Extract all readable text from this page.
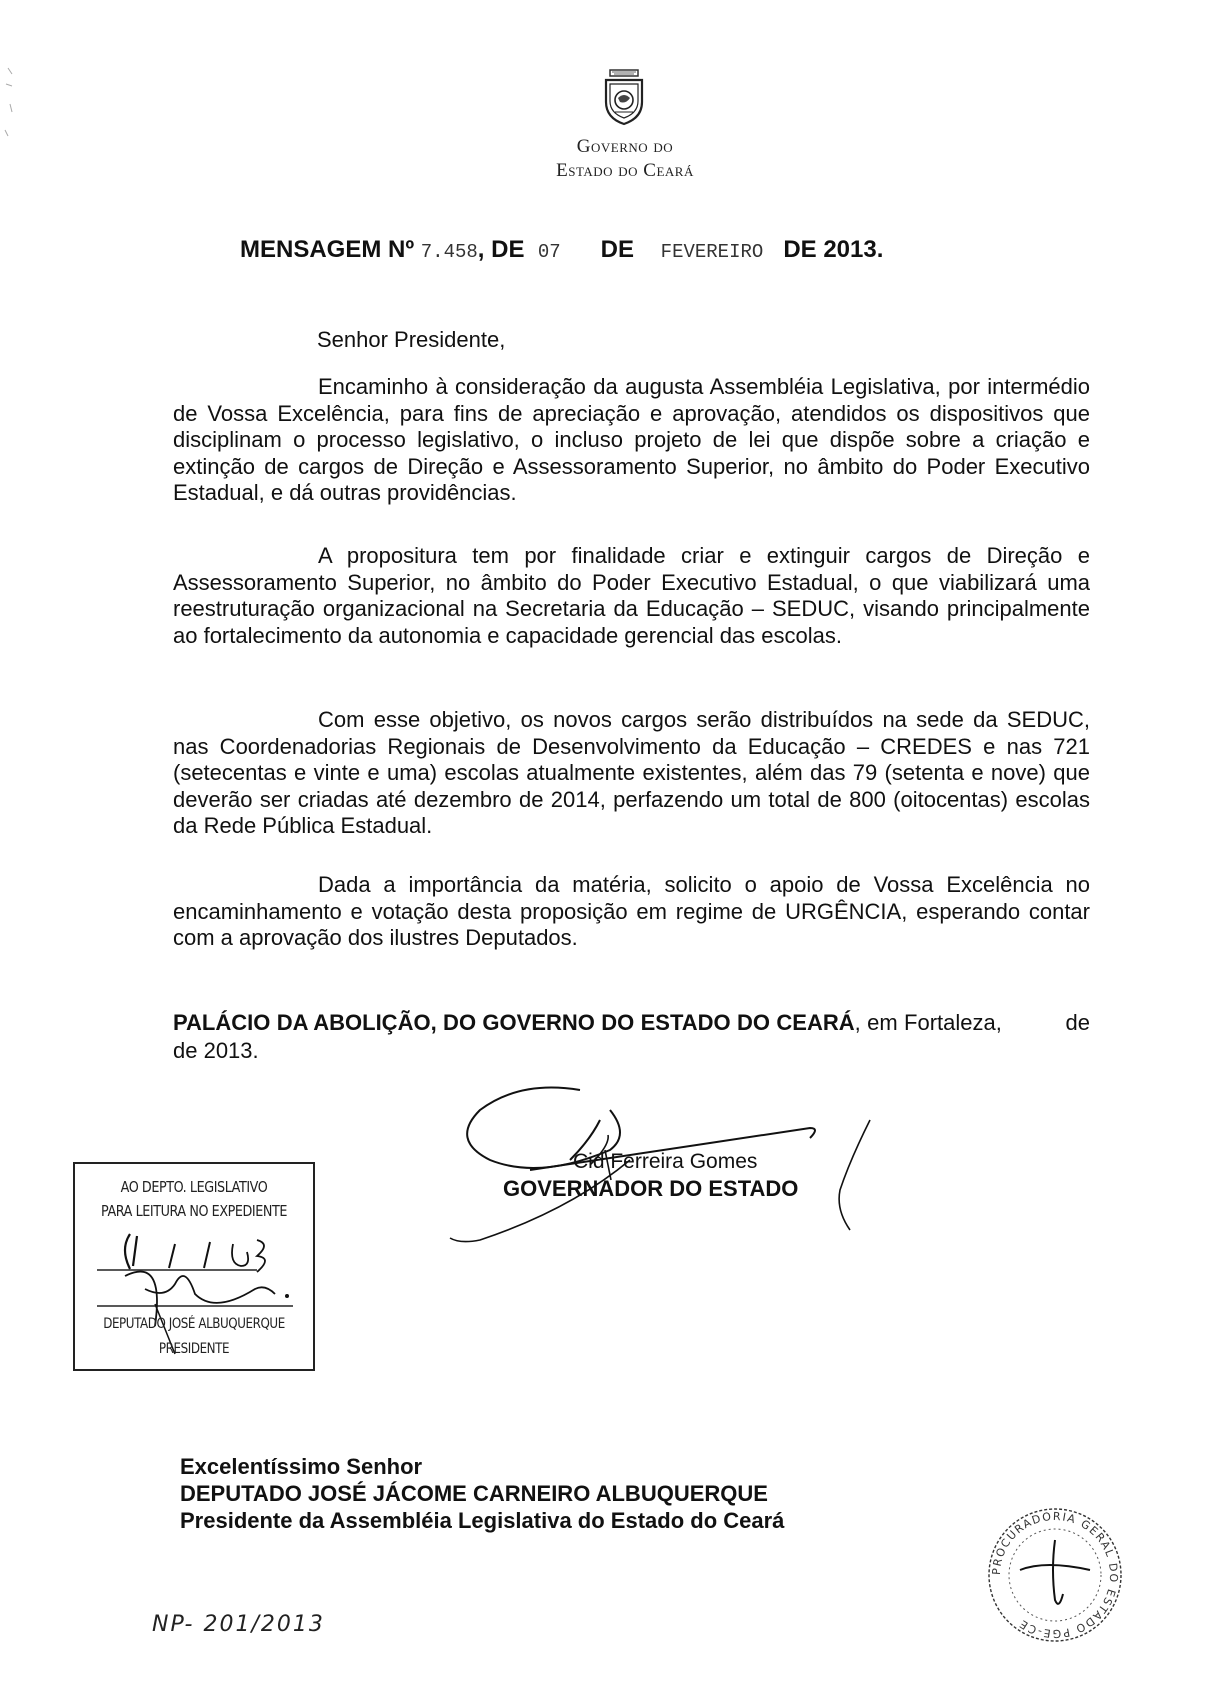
Governo do
Estado do Ceará
MENSAGEM Nº 7.458, DE 07 DE FEVEREIRO DE 2013.
Senhor Presidente,
Encaminho à consideração da augusta Assembléia Legislativa, por intermédio de Vossa Excelência, para fins de apreciação e aprovação, atendidos os dispositivos que disciplinam o processo legislativo, o incluso projeto de lei que dispõe sobre a criação e extinção de cargos de Direção e Assessoramento Superior, no âmbito do Poder Executivo Estadual, e dá outras providências.
A propositura tem por finalidade criar e extinguir cargos de Direção e Assessoramento Superior, no âmbito do Poder Executivo Estadual, o que viabilizará uma reestruturação organizacional na Secretaria da Educação – SEDUC, visando principalmente ao fortalecimento da autonomia e capacidade gerencial das escolas.
Com esse objetivo, os novos cargos serão distribuídos na sede da SEDUC, nas Coordenadorias Regionais de Desenvolvimento da Educação – CREDES e nas 721 (setecentas e vinte e uma) escolas atualmente existentes, além das 79 (setenta e nove) que deverão ser criadas até dezembro de 2014, perfazendo um total de 800 (oitocentas) escolas da Rede Pública Estadual.
Dada a importância da matéria, solicito o apoio de Vossa Excelência no encaminhamento e votação desta proposição em regime de URGÊNCIA, esperando contar com a aprovação dos ilustres Deputados.
PALÁCIO DA ABOLIÇÃO, DO GOVERNO DO ESTADO DO CEARÁ, em Fortaleza,          de              de 2013.
Cid Ferreira Gomes
GOVERNADOR DO ESTADO
AO DEPTO. LEGISLATIVO
PARA LEITURA NO EXPEDIENTE
DEPUTADO JOSÉ ALBUQUERQUE
PRESIDENTE
Excelentíssimo Senhor
DEPUTADO JOSÉ JÁCOME CARNEIRO ALBUQUERQUE
Presidente da Assembléia Legislativa do Estado do Ceará
NP- 201/2013
PROCURADORIA GERAL DO ESTADO PGE-CE
